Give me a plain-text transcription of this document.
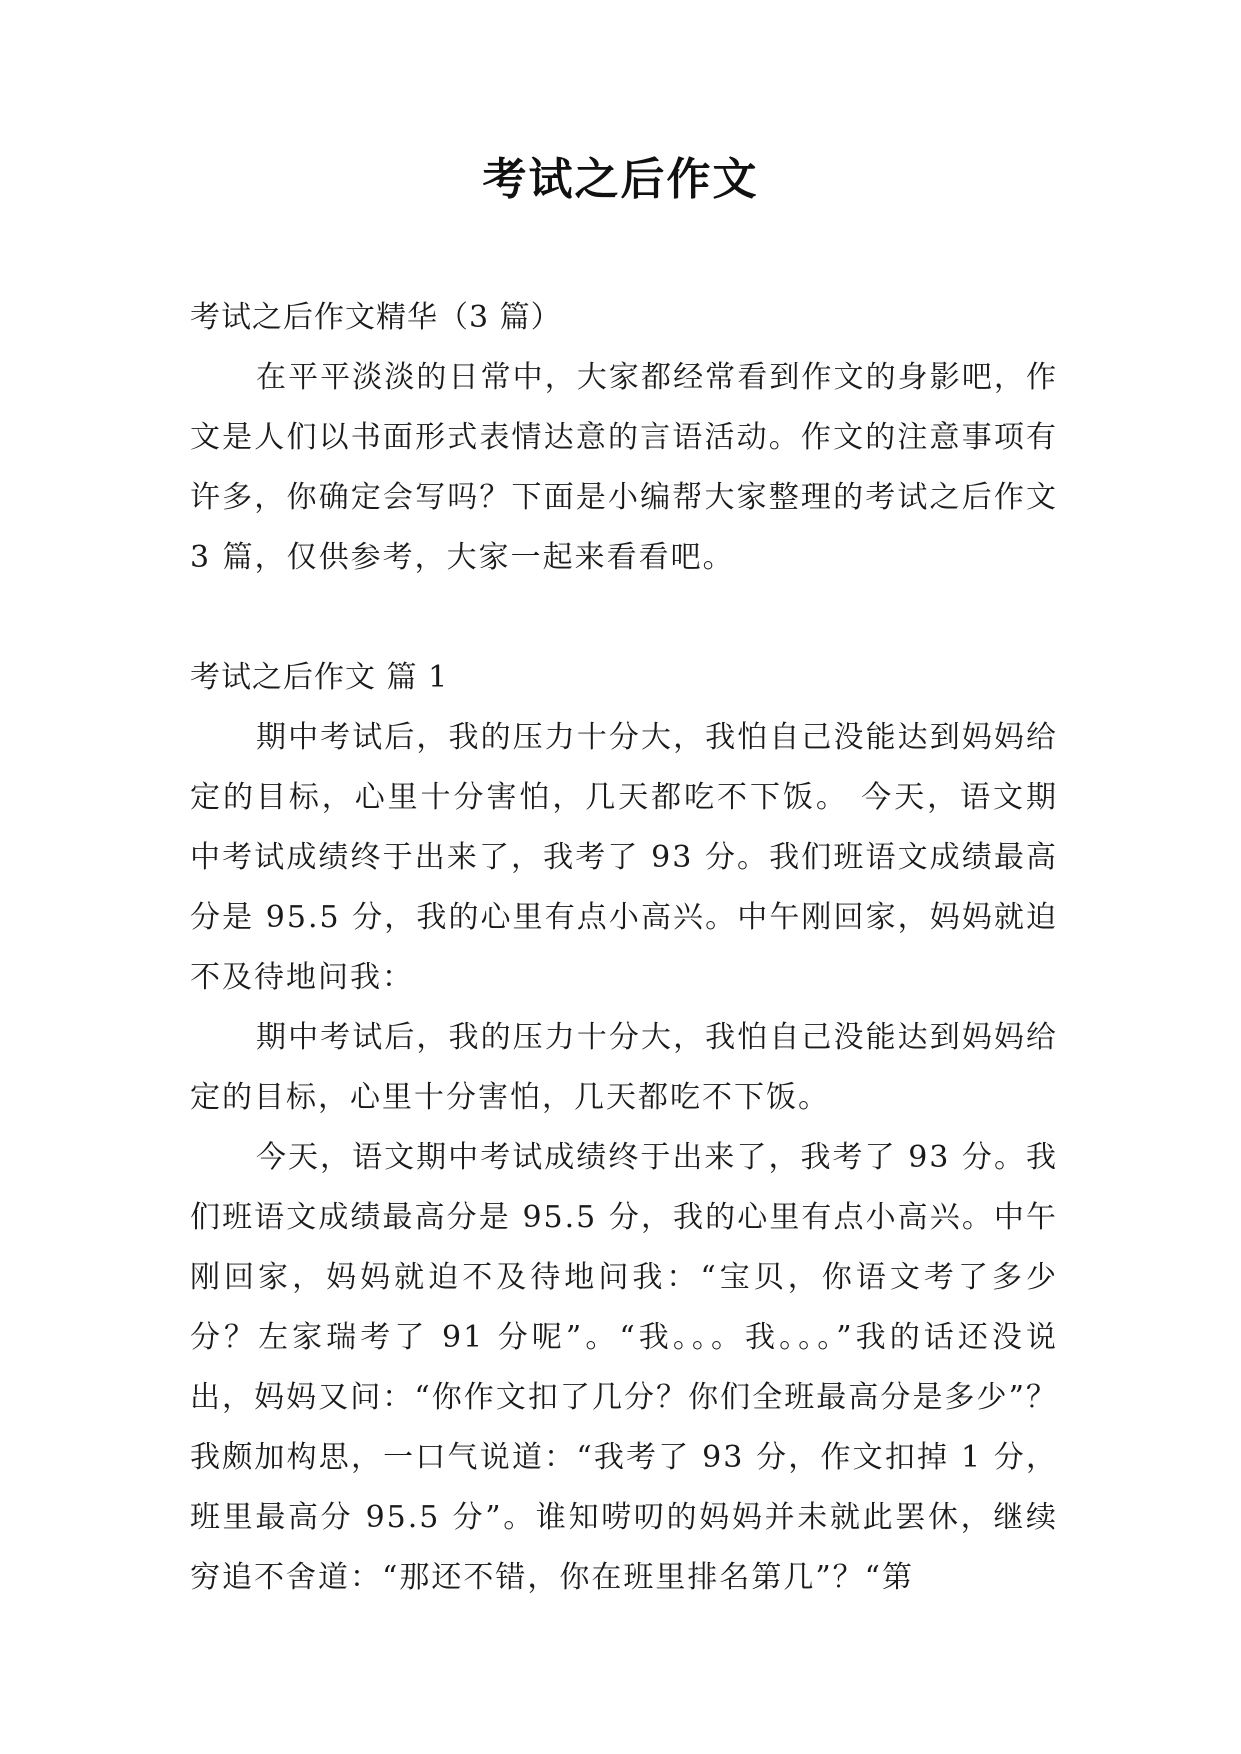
考试之后作文

考试之后作文精华（3 篇）

在平平淡淡的日常中，大家都经常看到作文的身影吧，作文是人们以书面形式表情达意的言语活动。作文的注意事项有许多，你确定会写吗？下面是小编帮大家整理的考试之后作文 3 篇，仅供参考，大家一起来看看吧。

考试之后作文 篇 1

期中考试后，我的压力十分大，我怕自己没能达到妈妈给定的目标，心里十分害怕，几天都吃不下饭。 今天，语文期中考试成绩终于出来了，我考了 93 分。我们班语文成绩最高分是 95.5 分，我的心里有点小高兴。中午刚回家，妈妈就迫不及待地问我：

期中考试后，我的压力十分大，我怕自己没能达到妈妈给定的目标，心里十分害怕，几天都吃不下饭。

今天，语文期中考试成绩终于出来了，我考了 93 分。我们班语文成绩最高分是 95.5 分，我的心里有点小高兴。中午刚回家，妈妈就迫不及待地问我：“宝贝，你语文考了多少分？左家瑞考了 91 分呢”。“我。。。我。。。”我的话还没说出，妈妈又问：“你作文扣了几分？你们全班最高分是多少”？我颇加构思，一口气说道：“我考了 93 分，作文扣掉 1 分，班里最高分 95.5 分”。谁知唠叨的妈妈并未就此罢休，继续穷追不舍道：“那还不错，你在班里排名第几”？“第
